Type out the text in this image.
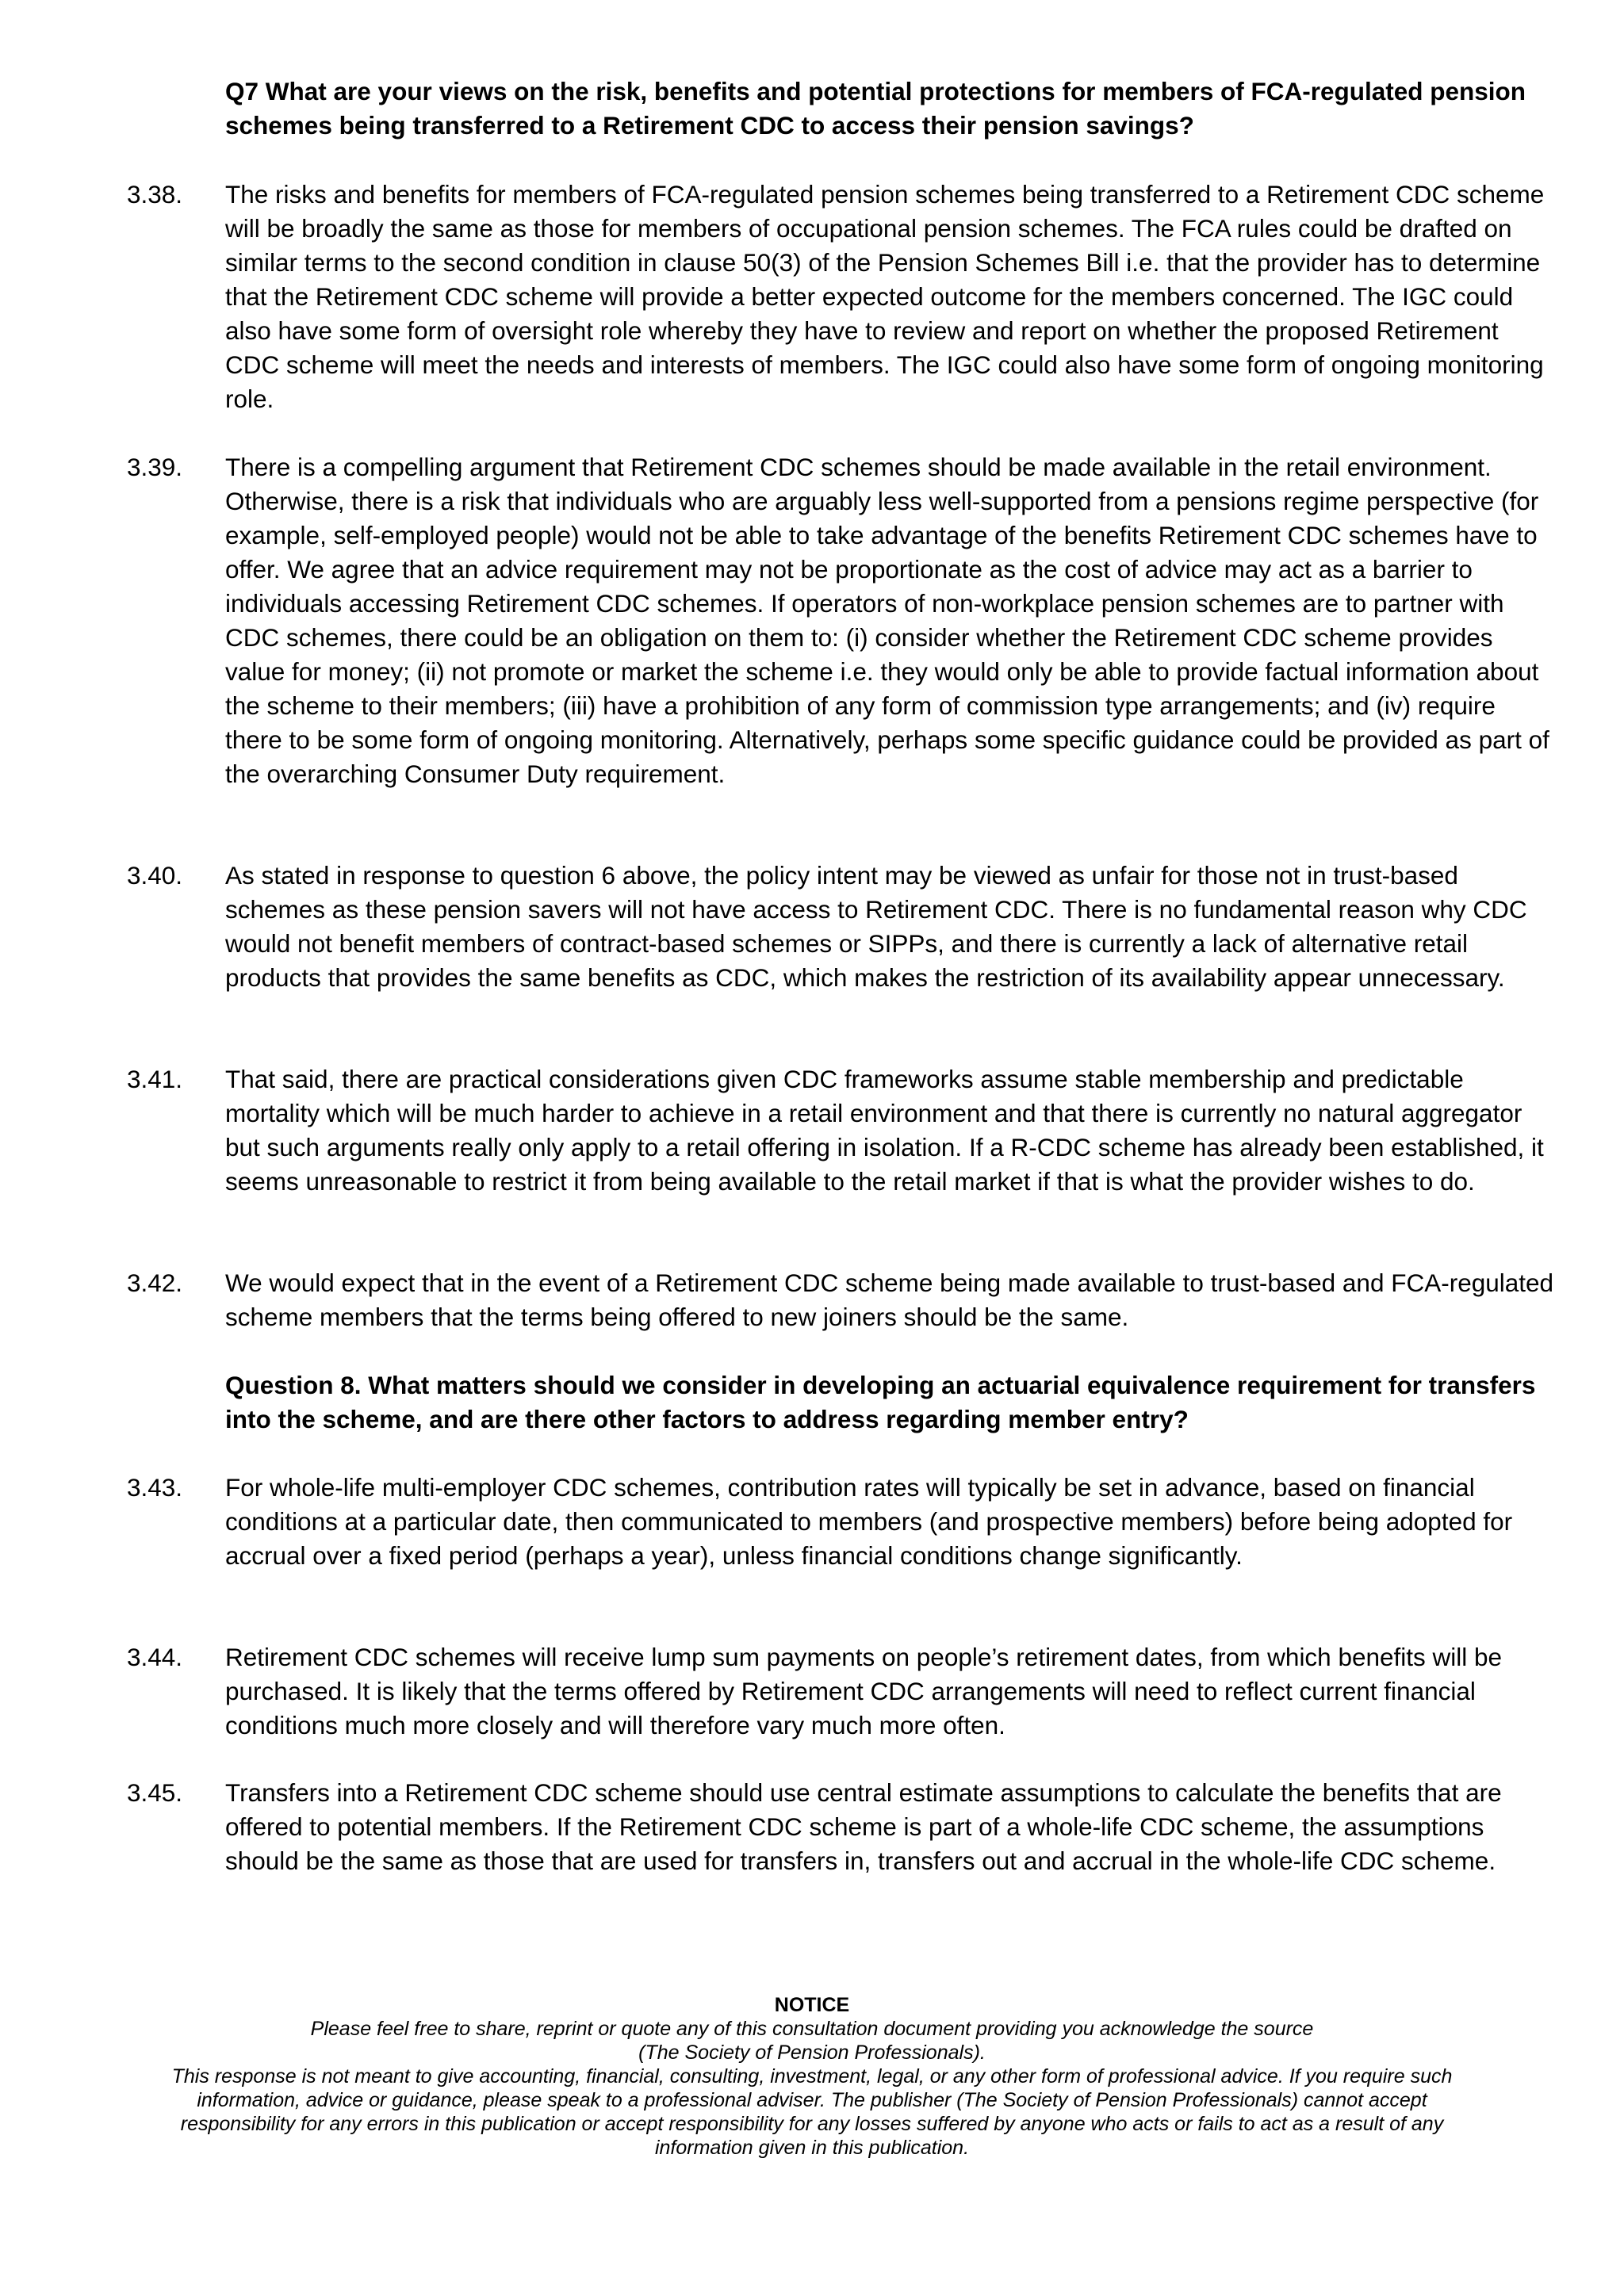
Q7 What are your views on the risk, benefits and potential protections for members of FCA-regulated pension schemes being transferred to a Retirement CDC to access their pension savings?

3.38. The risks and benefits for members of FCA-regulated pension schemes being transferred to a Retirement CDC scheme will be broadly the same as those for members of occupational pension schemes. The FCA rules could be drafted on similar terms to the second condition in clause 50(3) of the Pension Schemes Bill i.e. that the provider has to determine that the Retirement CDC scheme will provide a better expected outcome for the members concerned. The IGC could also have some form of oversight role whereby they have to review and report on whether the proposed Retirement CDC scheme will meet the needs and interests of members. The IGC could also have some form of ongoing monitoring role.

3.39. There is a compelling argument that Retirement CDC schemes should be made available in the retail environment. Otherwise, there is a risk that individuals who are arguably less well-supported from a pensions regime perspective (for example, self-employed people) would not be able to take advantage of the benefits Retirement CDC schemes have to offer. We agree that an advice requirement may not be proportionate as the cost of advice may act as a barrier to individuals accessing Retirement CDC schemes. If operators of non-workplace pension schemes are to partner with CDC schemes, there could be an obligation on them to: (i) consider whether the Retirement CDC scheme provides value for money; (ii) not promote or market the scheme i.e. they would only be able to provide factual information about the scheme to their members; (iii) have a prohibition of any form of commission type arrangements; and (iv) require there to be some form of ongoing monitoring. Alternatively, perhaps some specific guidance could be provided as part of the overarching Consumer Duty requirement.

3.40. As stated in response to question 6 above, the policy intent may be viewed as unfair for those not in trust-based schemes as these pension savers will not have access to Retirement CDC. There is no fundamental reason why CDC would not benefit members of contract-based schemes or SIPPs, and there is currently a lack of alternative retail products that provides the same benefits as CDC, which makes the restriction of its availability appear unnecessary.

3.41. That said, there are practical considerations given CDC frameworks assume stable membership and predictable mortality which will be much harder to achieve in a retail environment and that there is currently no natural aggregator but such arguments really only apply to a retail offering in isolation. If a R-CDC scheme has already been established, it seems unreasonable to restrict it from being available to the retail market if that is what the provider wishes to do.

3.42. We would expect that in the event of a Retirement CDC scheme being made available to trust-based and FCA-regulated scheme members that the terms being offered to new joiners should be the same.

Question 8. What matters should we consider in developing an actuarial equivalence requirement for transfers into the scheme, and are there other factors to address regarding member entry?

3.43. For whole-life multi-employer CDC schemes, contribution rates will typically be set in advance, based on financial conditions at a particular date, then communicated to members (and prospective members) before being adopted for accrual over a fixed period (perhaps a year), unless financial conditions change significantly.

3.44. Retirement CDC schemes will receive lump sum payments on people’s retirement dates, from which benefits will be purchased. It is likely that the terms offered by Retirement CDC arrangements will need to reflect current financial conditions much more closely and will therefore vary much more often.

3.45. Transfers into a Retirement CDC scheme should use central estimate assumptions to calculate the benefits that are offered to potential members. If the Retirement CDC scheme is part of a whole-life CDC scheme, the assumptions should be the same as those that are used for transfers in, transfers out and accrual in the whole-life CDC scheme.

NOTICE
Please feel free to share, reprint or quote any of this consultation document providing you acknowledge the source
(The Society of Pension Professionals).
This response is not meant to give accounting, financial, consulting, investment, legal, or any other form of professional advice. If you require such
information, advice or guidance, please speak to a professional adviser. The publisher (The Society of Pension Professionals) cannot accept
responsibility for any errors in this publication or accept responsibility for any losses suffered by anyone who acts or fails to act as a result of any
information given in this publication.
